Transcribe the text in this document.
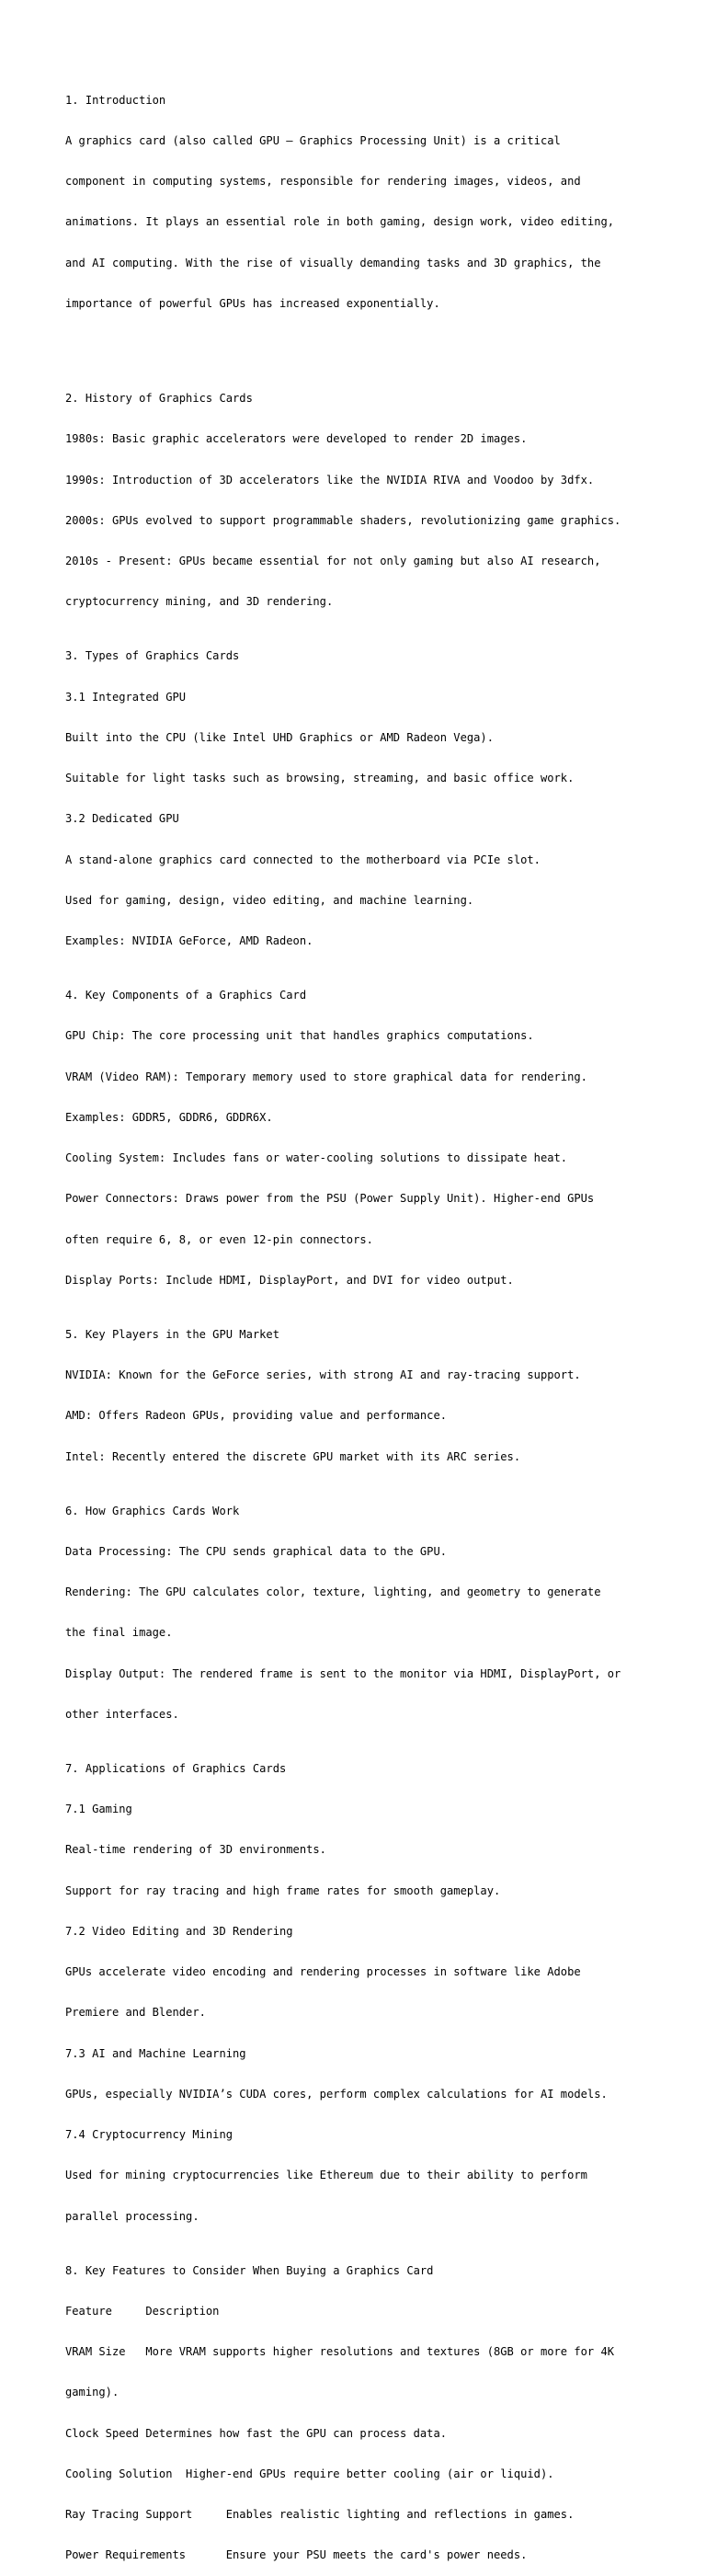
1. Introduction

A graphics card (also called GPU – Graphics Processing Unit) is a critical

component in computing systems, responsible for rendering images, videos, and

animations. It plays an essential role in both gaming, design work, video editing,

and AI computing. With the rise of visually demanding tasks and 3D graphics, the

importance of powerful GPUs has increased exponentially.

2. History of Graphics Cards

1980s: Basic graphic accelerators were developed to render 2D images.

1990s: Introduction of 3D accelerators like the NVIDIA RIVA and Voodoo by 3dfx.

2000s: GPUs evolved to support programmable shaders, revolutionizing game graphics.

2010s - Present: GPUs became essential for not only gaming but also AI research,

cryptocurrency mining, and 3D rendering.

3. Types of Graphics Cards

3.1 Integrated GPU

Built into the CPU (like Intel UHD Graphics or AMD Radeon Vega).

Suitable for light tasks such as browsing, streaming, and basic office work.

3.2 Dedicated GPU

A stand-alone graphics card connected to the motherboard via PCIe slot.

Used for gaming, design, video editing, and machine learning.

Examples: NVIDIA GeForce, AMD Radeon.

4. Key Components of a Graphics Card

GPU Chip: The core processing unit that handles graphics computations.

VRAM (Video RAM): Temporary memory used to store graphical data for rendering.

Examples: GDDR5, GDDR6, GDDR6X.

Cooling System: Includes fans or water-cooling solutions to dissipate heat.

Power Connectors: Draws power from the PSU (Power Supply Unit). Higher-end GPUs

often require 6, 8, or even 12-pin connectors.

Display Ports: Include HDMI, DisplayPort, and DVI for video output.

5. Key Players in the GPU Market

NVIDIA: Known for the GeForce series, with strong AI and ray-tracing support.

AMD: Offers Radeon GPUs, providing value and performance.

Intel: Recently entered the discrete GPU market with its ARC series.

6. How Graphics Cards Work

Data Processing: The CPU sends graphical data to the GPU.

Rendering: The GPU calculates color, texture, lighting, and geometry to generate

the final image.

Display Output: The rendered frame is sent to the monitor via HDMI, DisplayPort, or

other interfaces.

7. Applications of Graphics Cards

7.1 Gaming

Real-time rendering of 3D environments.

Support for ray tracing and high frame rates for smooth gameplay.

7.2 Video Editing and 3D Rendering

GPUs accelerate video encoding and rendering processes in software like Adobe

Premiere and Blender.

7.3 AI and Machine Learning

GPUs, especially NVIDIA’s CUDA cores, perform complex calculations for AI models.

7.4 Cryptocurrency Mining

Used for mining cryptocurrencies like Ethereum due to their ability to perform

parallel processing.

8. Key Features to Consider When Buying a Graphics Card

Feature     Description

VRAM Size   More VRAM supports higher resolutions and textures (8GB or more for 4K

gaming).

Clock Speed Determines how fast the GPU can process data.

Cooling Solution  Higher-end GPUs require better cooling (air or liquid).

Ray Tracing Support     Enables realistic lighting and reflections in games.

Power Requirements      Ensure your PSU meets the card's power needs.
